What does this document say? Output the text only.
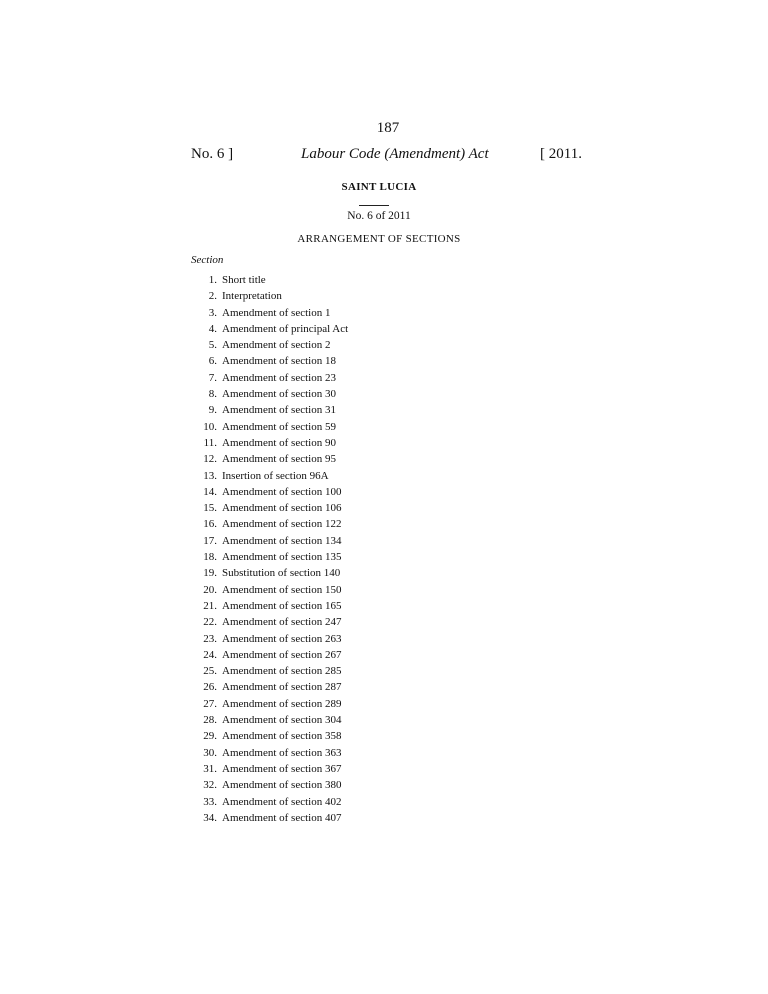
187
No. 6 ]	Labour Code (Amendment) Act	[ 2011.
SAINT LUCIA
No. 6 of 2011
ARRANGEMENT OF SECTIONS
Section
1. Short title
2. Interpretation
3. Amendment of section 1
4. Amendment of principal Act
5. Amendment of section 2
6. Amendment of section 18
7. Amendment of section 23
8. Amendment of section 30
9. Amendment of section 31
10. Amendment of section 59
11. Amendment of section 90
12. Amendment of section 95
13. Insertion of section 96A
14. Amendment of section 100
15. Amendment of section 106
16. Amendment of section 122
17. Amendment of section 134
18. Amendment of section 135
19. Substitution of section 140
20. Amendment of section 150
21. Amendment of section 165
22. Amendment of section 247
23. Amendment of section 263
24. Amendment of section 267
25. Amendment of section 285
26. Amendment of section 287
27. Amendment of section 289
28. Amendment of section 304
29. Amendment of section 358
30. Amendment of section 363
31. Amendment of section 367
32. Amendment of section 380
33. Amendment of section 402
34. Amendment of section 407
